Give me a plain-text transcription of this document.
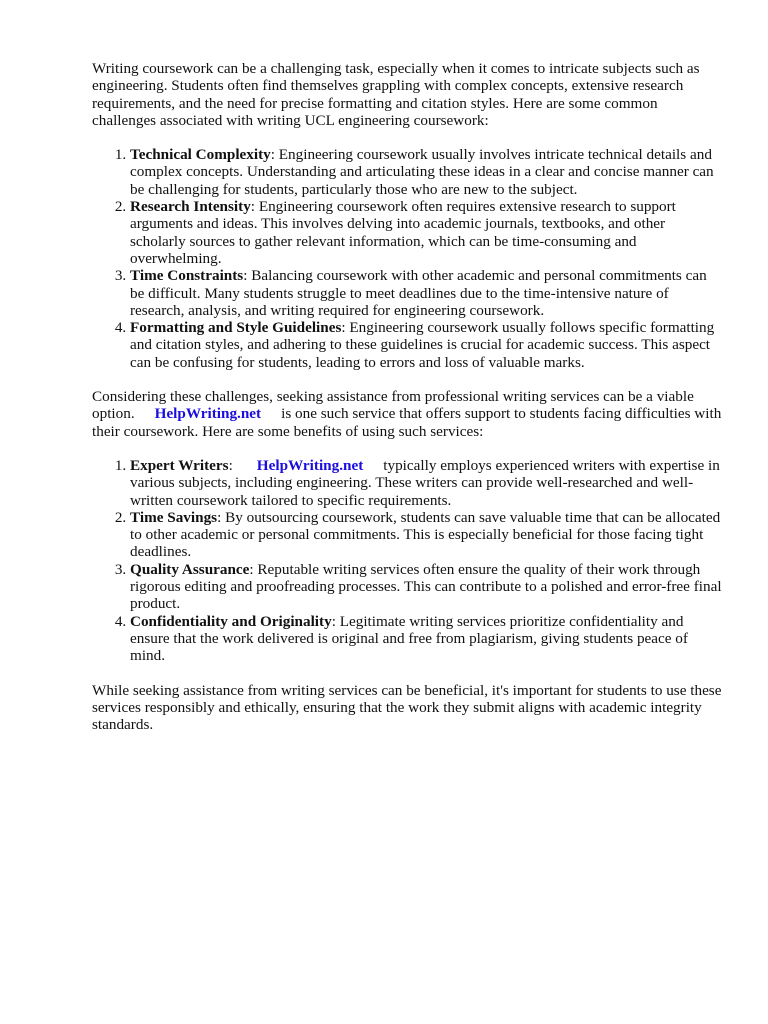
Writing coursework can be a challenging task, especially when it comes to intricate subjects such as engineering. Students often find themselves grappling with complex concepts, extensive research requirements, and the need for precise formatting and citation styles. Here are some common challenges associated with writing UCL engineering coursework:

1. Technical Complexity: Engineering coursework usually involves intricate technical details and complex concepts. Understanding and articulating these ideas in a clear and concise manner can be challenging for students, particularly those who are new to the subject.
2. Research Intensity: Engineering coursework often requires extensive research to support arguments and ideas. This involves delving into academic journals, textbooks, and other scholarly sources to gather relevant information, which can be time-consuming and overwhelming.
3. Time Constraints: Balancing coursework with other academic and personal commitments can be difficult. Many students struggle to meet deadlines due to the time-intensive nature of research, analysis, and writing required for engineering coursework.
4. Formatting and Style Guidelines: Engineering coursework usually follows specific formatting and citation styles, and adhering to these guidelines is crucial for academic success. This aspect can be confusing for students, leading to errors and loss of valuable marks.

Considering these challenges, seeking assistance from professional writing services can be a viable option. HelpWriting.net is one such service that offers support to students facing difficulties with their coursework. Here are some benefits of using such services:

1. Expert Writers: HelpWriting.net typically employs experienced writers with expertise in various subjects, including engineering. These writers can provide well-researched and well-written coursework tailored to specific requirements.
2. Time Savings: By outsourcing coursework, students can save valuable time that can be allocated to other academic or personal commitments. This is especially beneficial for those facing tight deadlines.
3. Quality Assurance: Reputable writing services often ensure the quality of their work through rigorous editing and proofreading processes. This can contribute to a polished and error-free final product.
4. Confidentiality and Originality: Legitimate writing services prioritize confidentiality and ensure that the work delivered is original and free from plagiarism, giving students peace of mind.

While seeking assistance from writing services can be beneficial, it's important for students to use these services responsibly and ethically, ensuring that the work they submit aligns with academic integrity standards.
